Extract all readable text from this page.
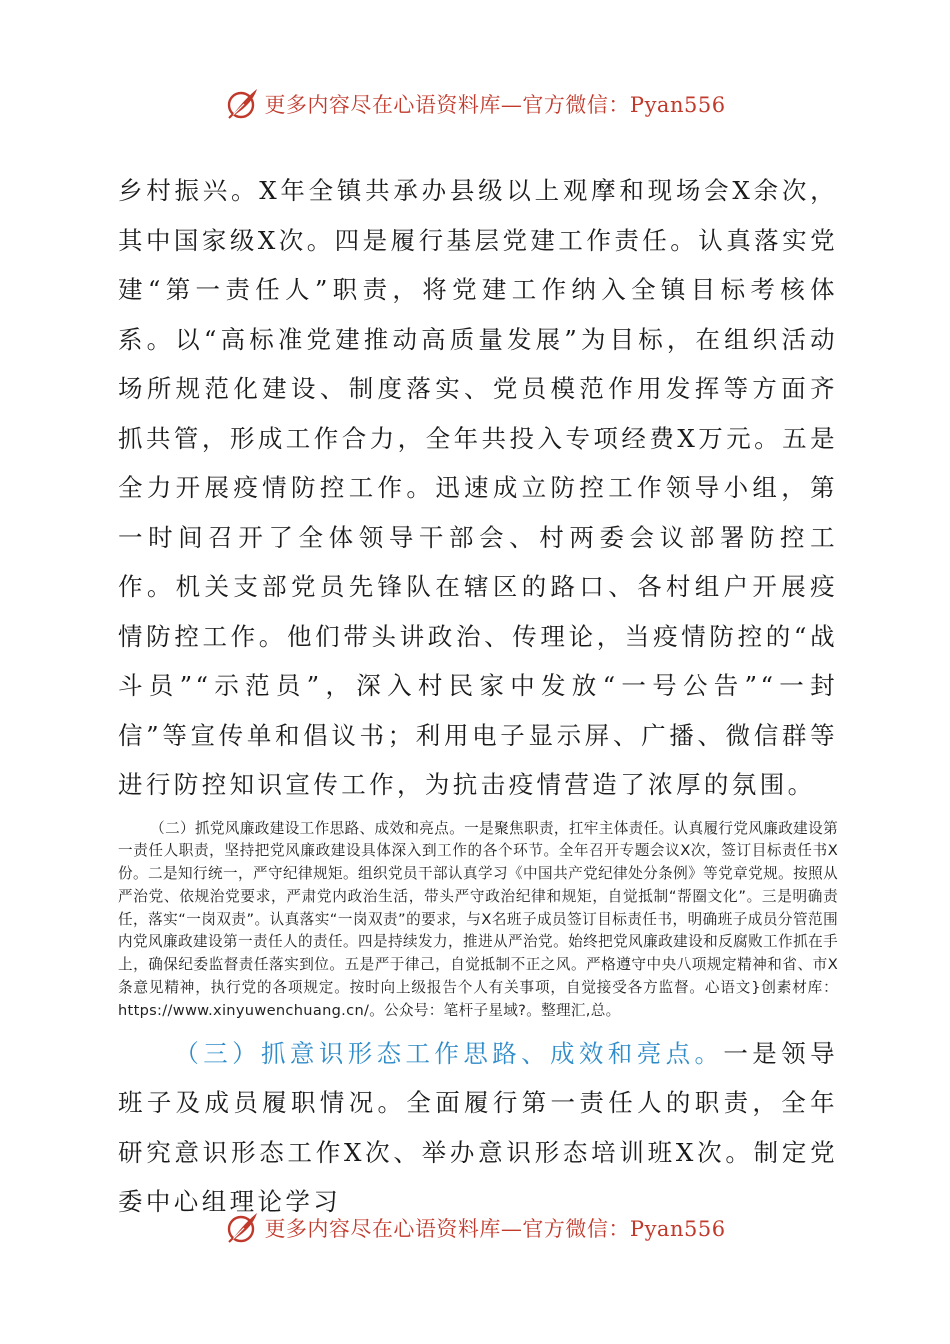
更多内容尽在心语资料库—官方微信：Pyan556

乡村振兴。X年全镇共承办县级以上观摩和现场会X余次，其中国家级X次。四是履行基层党建工作责任。认真落实党建“第一责任人”职责，将党建工作纳入全镇目标考核体系。以“高标准党建推动高质量发展”为目标，在组织活动场所规范化建设、制度落实、党员模范作用发挥等方面齐抓共管，形成工作合力，全年共投入专项经费X万元。五是全力开展疫情防控工作。迅速成立防控工作领导小组，第一时间召开了全体领导干部会、村两委会议部署防控工作。机关支部党员先锋队在辖区的路口、各村组户开展疫情防控工作。他们带头讲政治、传理论，当疫情防控的“战斗员”“示范员”，深入村民家中发放“一号公告”“一封信”等宣传单和倡议书；利用电子显示屏、广播、微信群等进行防控知识宣传工作，为抗击疫情营造了浓厚的氛围。

（二）抓党风廉政建设工作思路、成效和亮点。一是聚焦职责，扛牢主体责任。认真履行党风廉政建设第一责任人职责，坚持把党风廉政建设具体深入到工作的各个环节。全年召开专题会议X次，签订目标责任书X份。二是知行统一，严守纪律规矩。组织党员干部认真学习《中国共产党纪律处分条例》等党章党规。按照从严治党、依规治党要求，严肃党内政治生活，带头严守政治纪律和规矩，自觉抵制“帮圈文化”。三是明确责任，落实“一岗双责”。认真落实“一岗双责”的要求，与X名班子成员签订目标责任书，明确班子成员分管范围内党风廉政建设第一责任人的责任。四是持续发力，推进从严治党。始终把党风廉政建设和反腐败工作抓在手上，确保纪委监督责任落实到位。五是严于律己，自觉抵制不正之风。严格遵守中央八项规定精神和省、市X条意见精神，执行党的各项规定。按时向上级报告个人有关事项，自觉接受各方监督。心语文}创素材库：https://www.xinyuwenchuang.cn/。公众号：笔杆子星域?。整理汇,总。

（三）抓意识形态工作思路、成效和亮点。一是领导班子及成员履职情况。全面履行第一责任人的职责，全年研究意识形态工作X次、举办意识形态培训班X次。制定党委中心组理论学习

更多内容尽在心语资料库—官方微信：Pyan556
